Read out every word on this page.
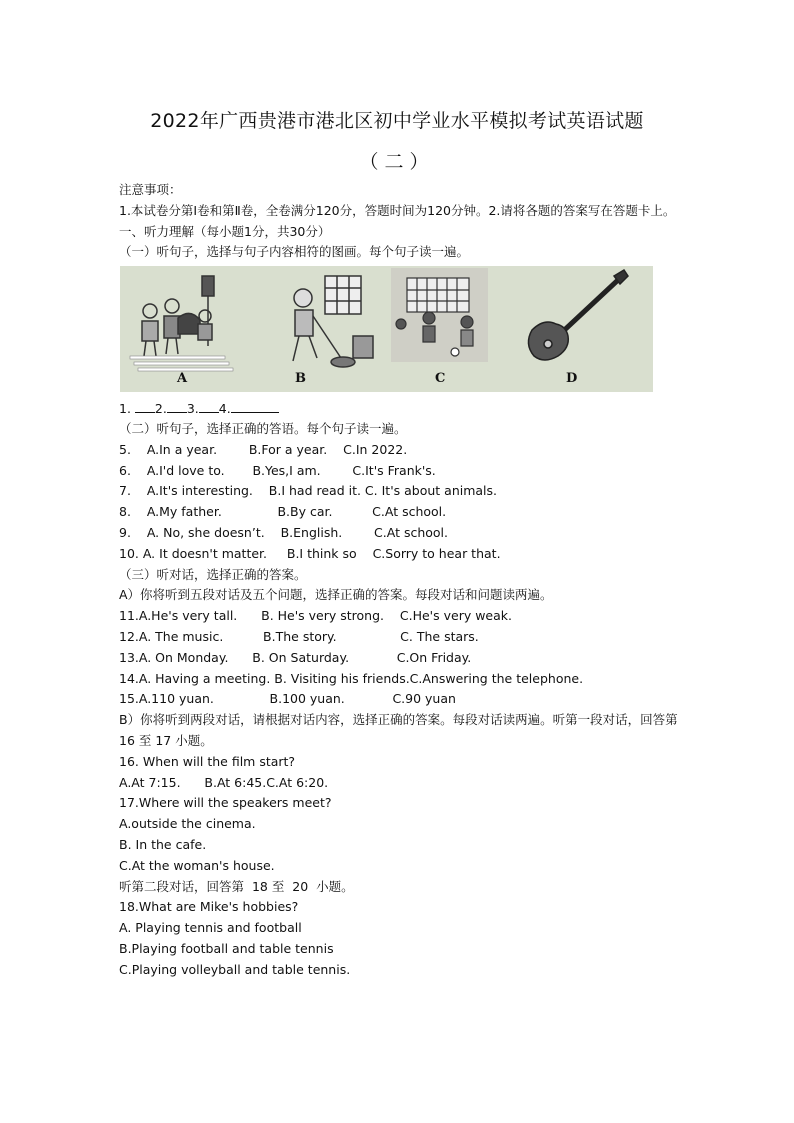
2022年广西贵港市港北区初中学业水平模拟考试英语试题
（二）
注意事项：
1.本试卷分第Ⅰ卷和第Ⅱ卷，全卷满分120分，答题时间为120分钟。2.请将各题的答案写在答题卡上。
一、听力理解（每小题1分，共30分）
（一）听句子，选择与句子内容相符的图画。每个句子读一遍。
A	B	C	D
1. 2. 3. 4.
（二）听句子，选择正确的答语。每个句子读一遍。
5.    A.In a year.        B.For a year.    C.In 2022.
6.    A.I'd love to.       B.Yes,I am.        C.It's Frank's.
7.    A.It's interesting.    B.I had read it. C. It's about animals.
8.    A.My father.              B.By car.          C.At school.
9.    A. No, she doesn’t.    B.English.        C.At school.
10. A. It doesn't matter.     B.I think so    C.Sorry to hear that.
（三）听对话，选择正确的答案。
A）你将听到五段对话及五个问题，选择正确的答案。每段对话和问题读两遍。
11.A.He's very tall.      B. He's very strong.    C.He's very weak.
12.A. The music.          B.The story.                C. The stars.
13.A. On Monday.      B. On Saturday.            C.On Friday.
14.A. Having a meeting. B. Visiting his friends.C.Answering the telephone.
15.A.110 yuan.              B.100 yuan.            C.90 yuan
B）你将听到两段对话，请根据对话内容，选择正确的答案。每段对话读两遍。听第一段对话，回答第 16 至 17 小题。
16. When will the film start?
A.At 7:15.      B.At 6:45.C.At 6:20.
17.Where will the speakers meet?
A.outside the cinema.
B. In the cafe.
C.At the woman's house.
听第二段对话，回答第  18 至  20  小题。
18.What are Mike's hobbies?
A. Playing tennis and football
B.Playing football and table tennis
C.Playing volleyball and table tennis.
